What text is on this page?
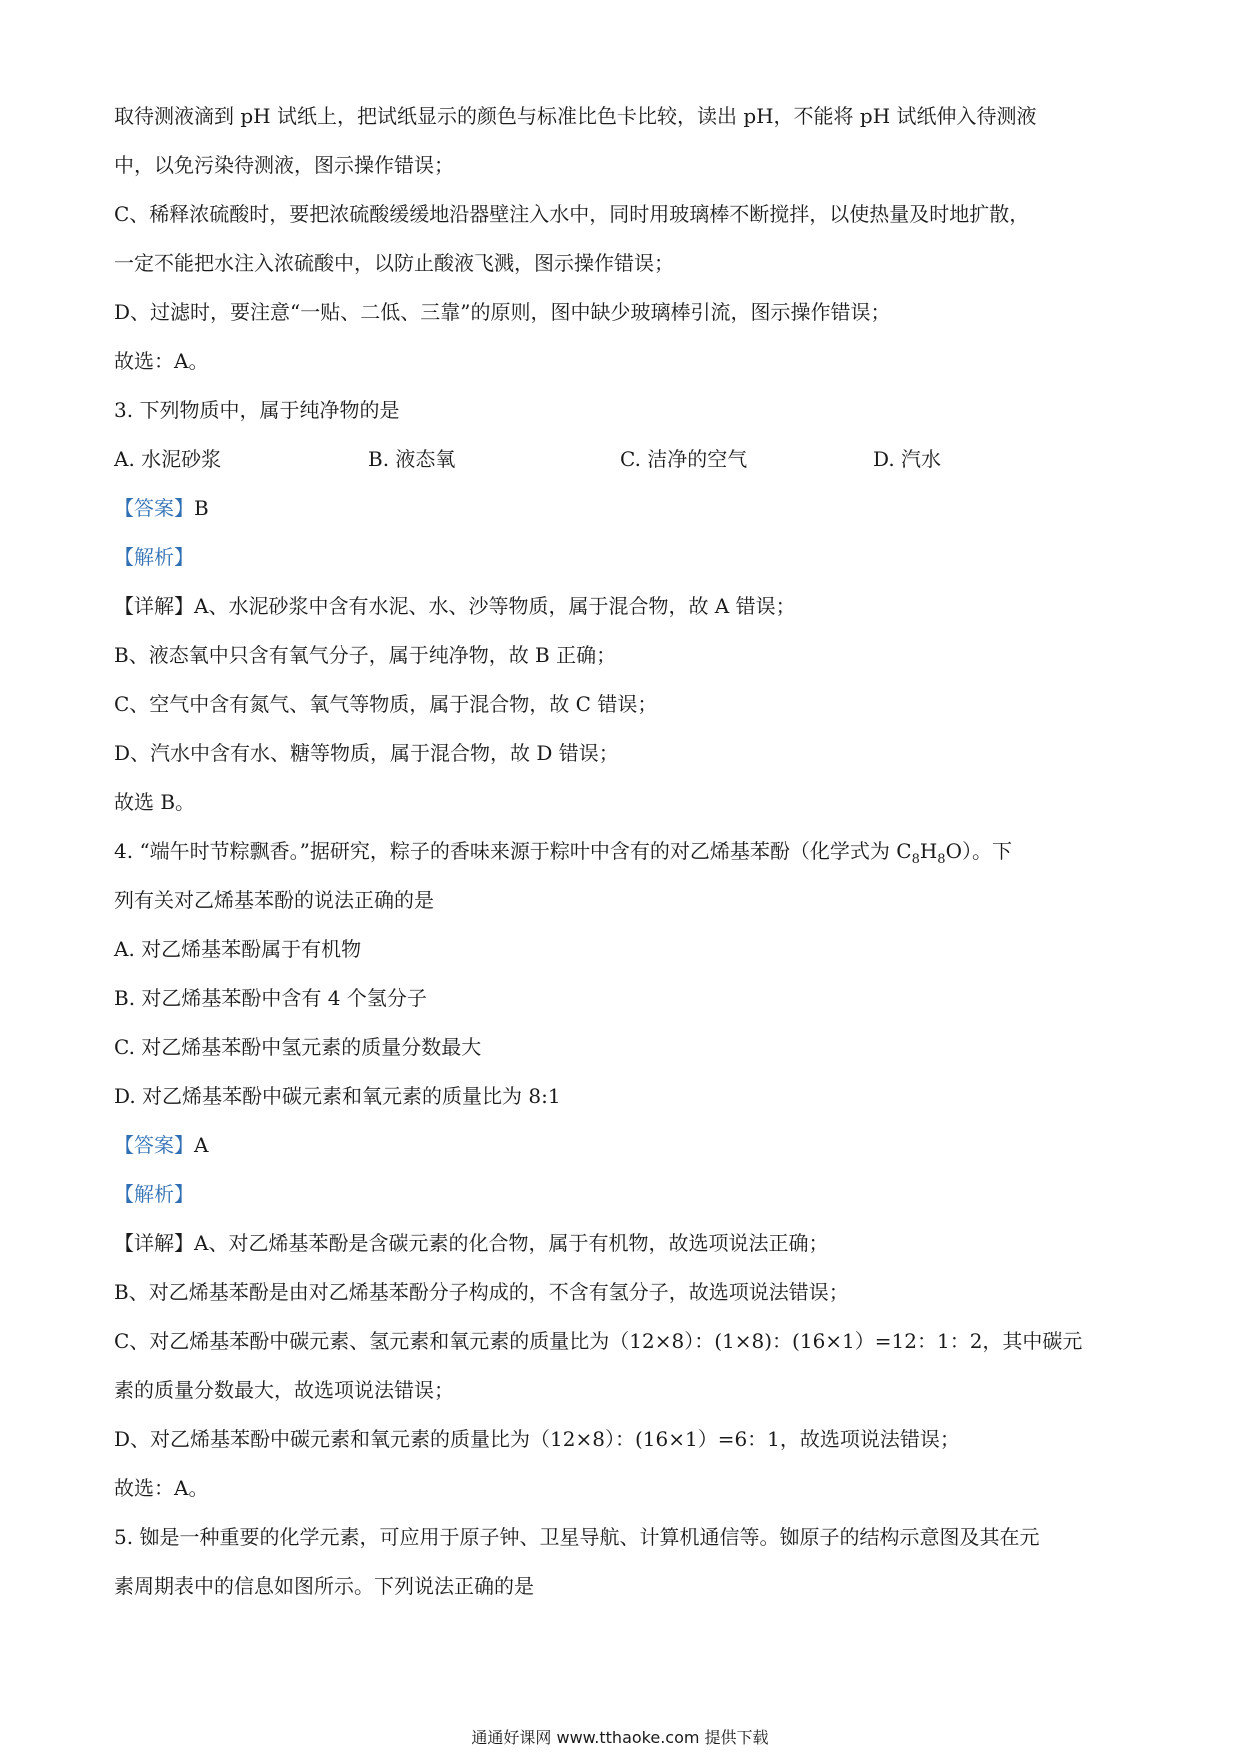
取待测液滴到 pH 试纸上，把试纸显示的颜色与标准比色卡比较，读出 pH，不能将 pH 试纸伸入待测液
中，以免污染待测液，图示操作错误；
C、稀释浓硫酸时，要把浓硫酸缓缓地沿器壁注入水中，同时用玻璃棒不断搅拌，以使热量及时地扩散，
一定不能把水注入浓硫酸中，以防止酸液飞溅，图示操作错误；
D、过滤时，要注意“一贴、二低、三靠”的原则，图中缺少玻璃棒引流，图示操作错误；
故选：A。
3. 下列物质中，属于纯净物的是
A. 水泥砂浆	B. 液态氧	C. 洁净的空气	D. 汽水
【答案】B
【解析】
【详解】A、水泥砂浆中含有水泥、水、沙等物质，属于混合物，故 A 错误；
B、液态氧中只含有氧气分子，属于纯净物，故 B 正确；
C、空气中含有氮气、氧气等物质，属于混合物，故 C 错误；
D、汽水中含有水、糖等物质，属于混合物，故 D 错误；
故选 B。
4. “端午时节粽飘香。”据研究，粽子的香味来源于粽叶中含有的对乙烯基苯酚（化学式为 $C_8H_8O$）。下
列有关对乙烯基苯酚的说法正确的是
A. 对乙烯基苯酚属于有机物
B. 对乙烯基苯酚中含有 4 个氢分子
C. 对乙烯基苯酚中氢元素的质量分数最大
D. 对乙烯基苯酚中碳元素和氧元素的质量比为 8:1
【答案】A
【解析】
【详解】A、对乙烯基苯酚是含碳元素的化合物，属于有机物，故选项说法正确；
B、对乙烯基苯酚是由对乙烯基苯酚分子构成的，不含有氢分子，故选项说法错误；
C、对乙烯基苯酚中碳元素、氢元素和氧元素的质量比为（12×8）：(1×8)：(16×1）=12：1：2，其中碳元
素的质量分数最大，故选项说法错误；
D、对乙烯基苯酚中碳元素和氧元素的质量比为（12×8）：(16×1）=6：1，故选项说法错误；
故选：A。
5. 铷是一种重要的化学元素，可应用于原子钟、卫星导航、计算机通信等。铷原子的结构示意图及其在元
素周期表中的信息如图所示。下列说法正确的是
通通好课网 www.tthaoke.com 提供下载
